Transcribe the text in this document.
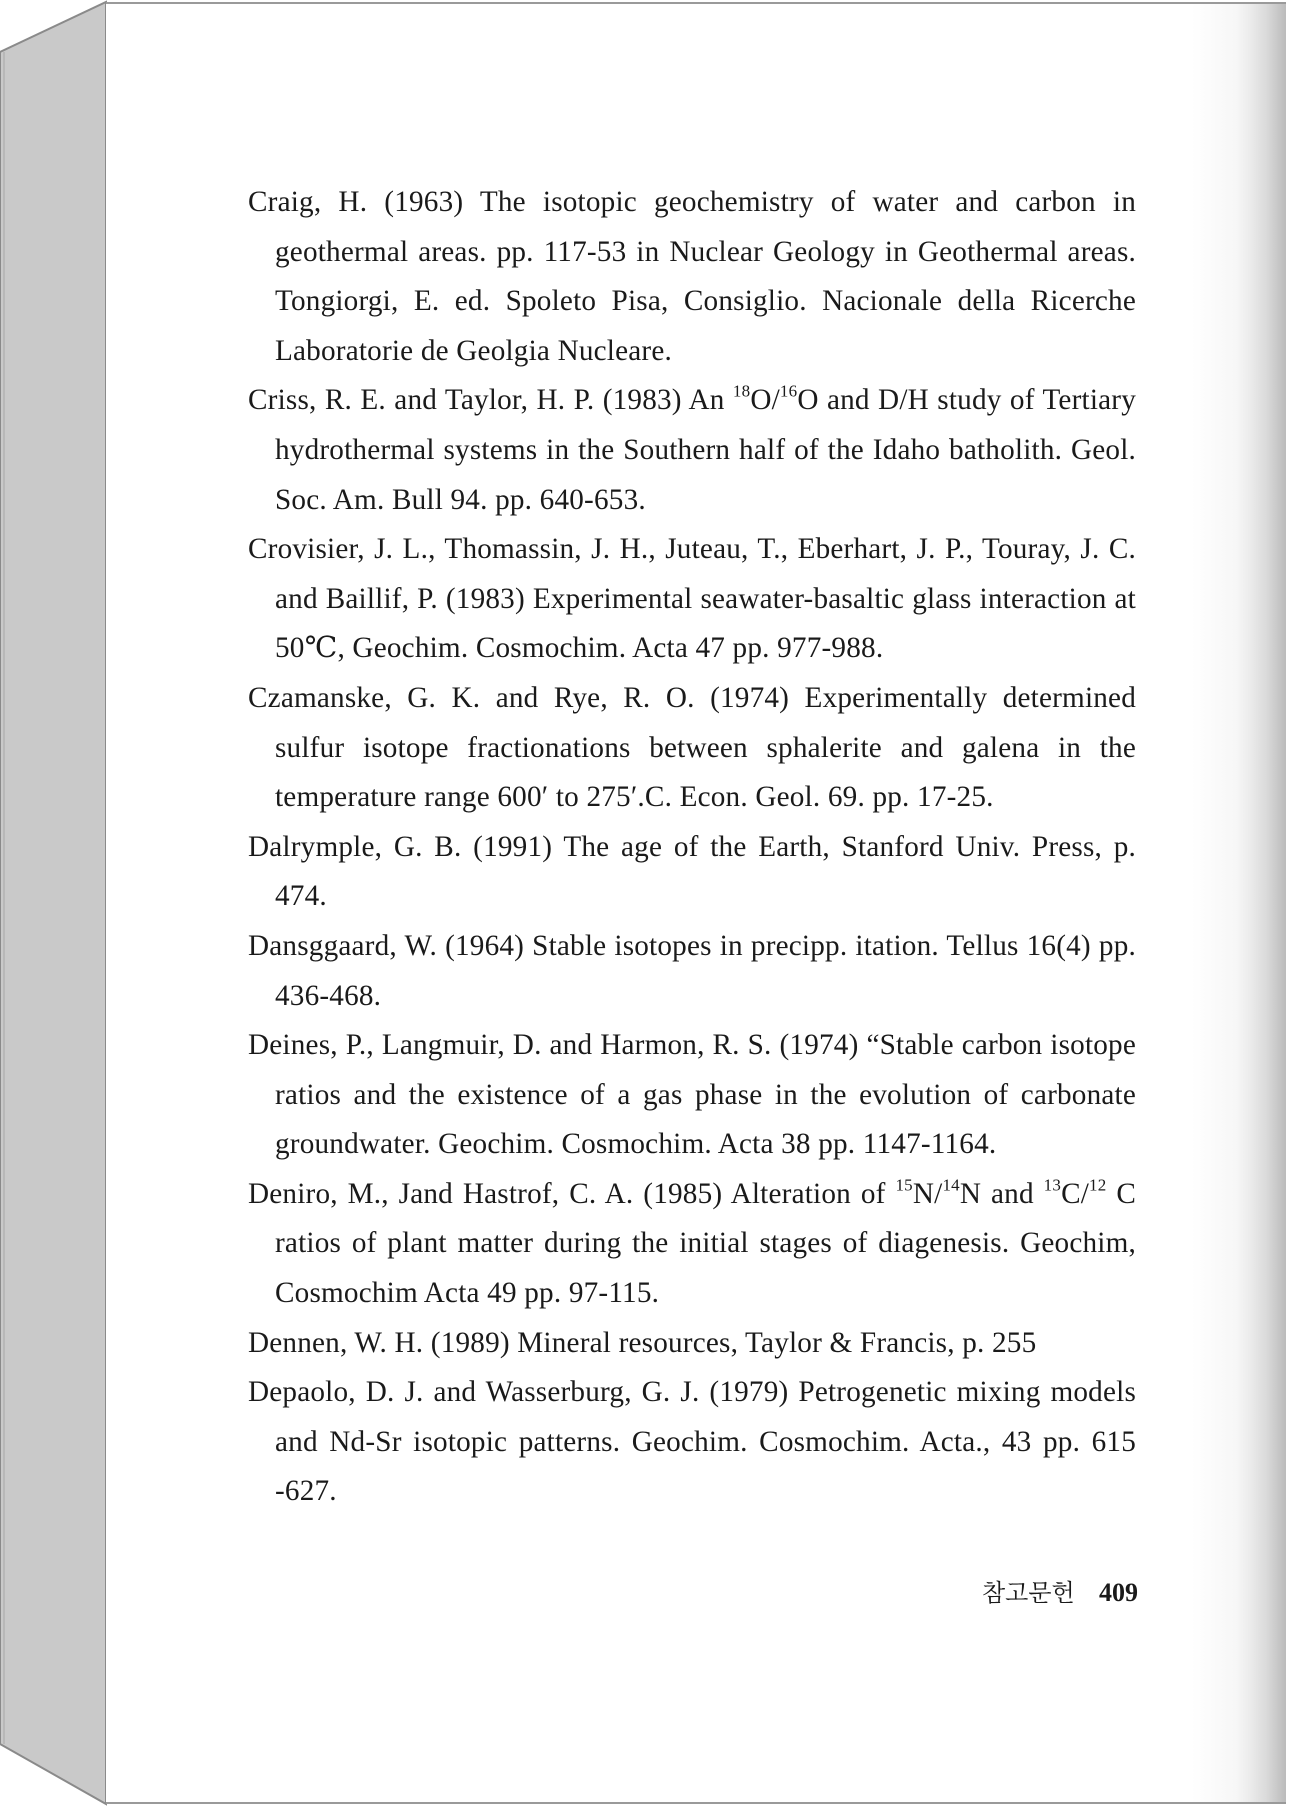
Craig, H. (1963) The isotopic geochemistry of water and carbon in geothermal areas. pp. 117-53 in Nuclear Geology in Geothermal areas. Tongiorgi, E. ed. Spoleto Pisa, Consiglio. Nacionale della Ricerche Laboratorie de Geolgia Nucleare.

Criss, R. E. and Taylor, H. P. (1983) An $^{18}$O/$^{16}$O and D/H study of Tertiary hydrothermal systems in the Southern half of the Idaho batholith. Geol. Soc. Am. Bull 94. pp. 640-653.

Crovisier, J. L., Thomassin, J. H., Juteau, T., Eberhart, J. P., Touray, J. C. and Baillif, P. (1983) Experimental seawater-basaltic glass interaction at 50℃, Geochim. Cosmochim. Acta 47 pp. 977-988.

Czamanske, G. K. and Rye, R. O. (1974) Experimentally determined sulfur isotope fractionations between sphalerite and galena in the temperature range 600′ to 275′.C. Econ. Geol. 69. pp. 17-25.

Dalrymple, G. B. (1991) The age of the Earth, Stanford Univ. Press, p. 474.

Dansggaard, W. (1964) Stable isotopes in precipp. itation. Tellus 16(4) pp. 436-468.

Deines, P., Langmuir, D. and Harmon, R. S. (1974) “Stable carbon isotope ratios and the existence of a gas phase in the evolution of carbonate groundwater. Geochim. Cosmochim. Acta 38 pp. 1147-1164.

Deniro, M., Jand Hastrof, C. A. (1985) Alteration of $^{15}$N/$^{14}$N and $^{13}$C/$^{12}$ C ratios of plant matter during the initial stages of diagenesis. Geochim, Cosmochim Acta 49 pp. 97-115.

Dennen, W. H. (1989) Mineral resources, Taylor & Francis, p. 255

Depaolo, D. J. and Wasserburg, G. J. (1979) Petrogenetic mixing models and Nd-Sr isotopic patterns. Geochim. Cosmochim. Acta., 43 pp. 615 -627.

참고문헌 409
